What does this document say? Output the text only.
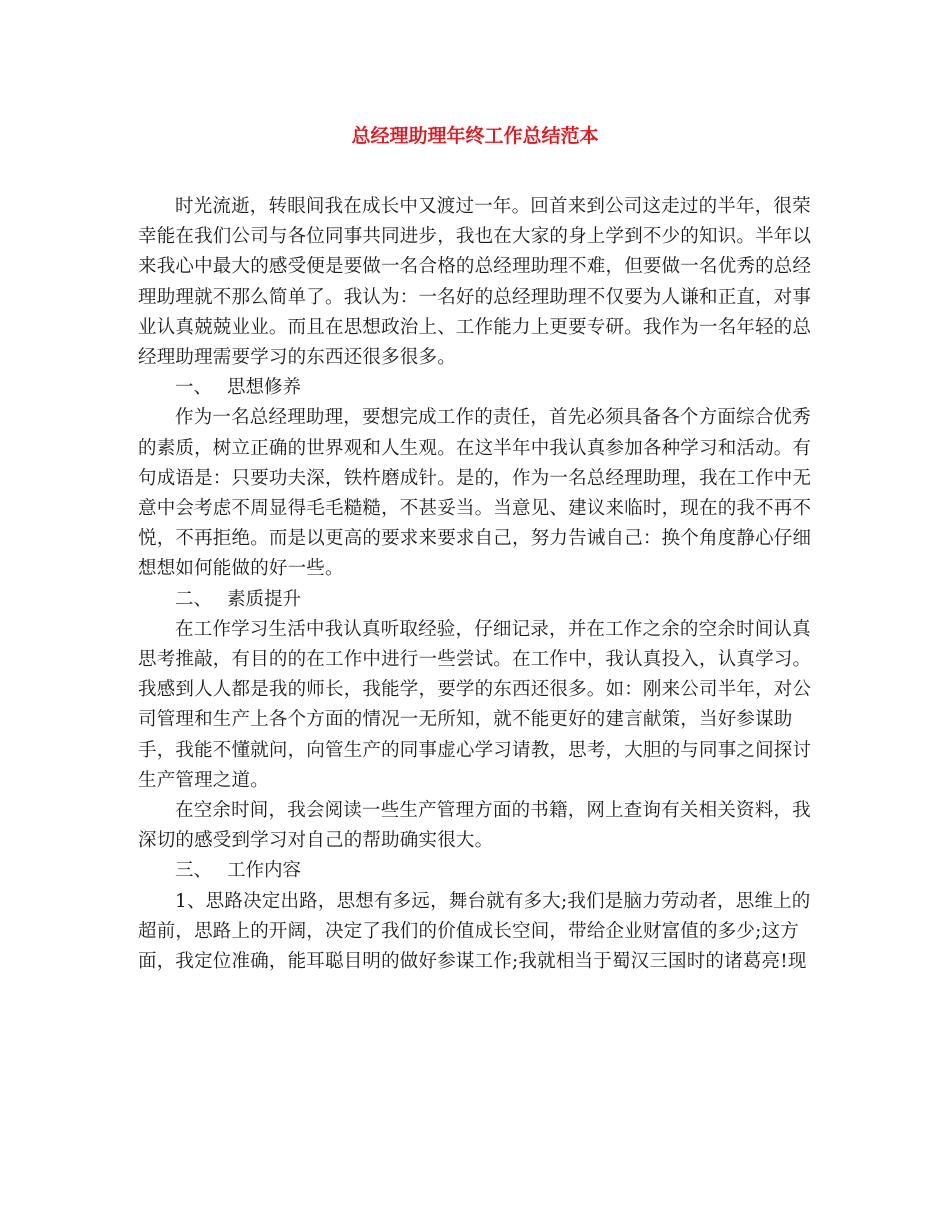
总经理助理年终工作总结范本

时光流逝，转眼间我在成长中又渡过一年。回首来到公司这走过的半年，很荣幸能在我们公司与各位同事共同进步，我也在大家的身上学到不少的知识。半年以来我心中最大的感受便是要做一名合格的总经理助理不难，但要做一名优秀的总经理助理就不那么简单了。我认为：一名好的总经理助理不仅要为人谦和正直，对事业认真兢兢业业。而且在思想政治上、工作能力上更要专研。我作为一名年轻的总经理助理需要学习的东西还很多很多。

一、 思想修养

作为一名总经理助理，要想完成工作的责任，首先必须具备各个方面综合优秀的素质，树立正确的世界观和人生观。在这半年中我认真参加各种学习和活动。有句成语是：只要功夫深，铁杵磨成针。是的，作为一名总经理助理，我在工作中无意中会考虑不周显得毛毛糙糙，不甚妥当。当意见、建议来临时，现在的我不再不悦，不再拒绝。而是以更高的要求来要求自己，努力告诫自己：换个角度静心仔细想想如何能做的好一些。

二、 素质提升

在工作学习生活中我认真听取经验，仔细记录，并在工作之余的空余时间认真思考推敲，有目的的在工作中进行一些尝试。在工作中，我认真投入，认真学习。我感到人人都是我的师长，我能学，要学的东西还很多。如：刚来公司半年，对公司管理和生产上各个方面的情况一无所知，就不能更好的建言献策，当好参谋助手，我能不懂就问，向管生产的同事虚心学习请教，思考，大胆的与同事之间探讨生产管理之道。

在空余时间，我会阅读一些生产管理方面的书籍，网上查询有关相关资料，我深切的感受到学习对自己的帮助确实很大。

三、 工作内容

1、思路决定出路，思想有多远，舞台就有多大;我们是脑力劳动者，思维上的超前，思路上的开阔，决定了我们的价值成长空间，带给企业财富值的多少;这方面，我定位准确，能耳聪目明的做好参谋工作;我就相当于蜀汉三国时的诸葛亮!现
